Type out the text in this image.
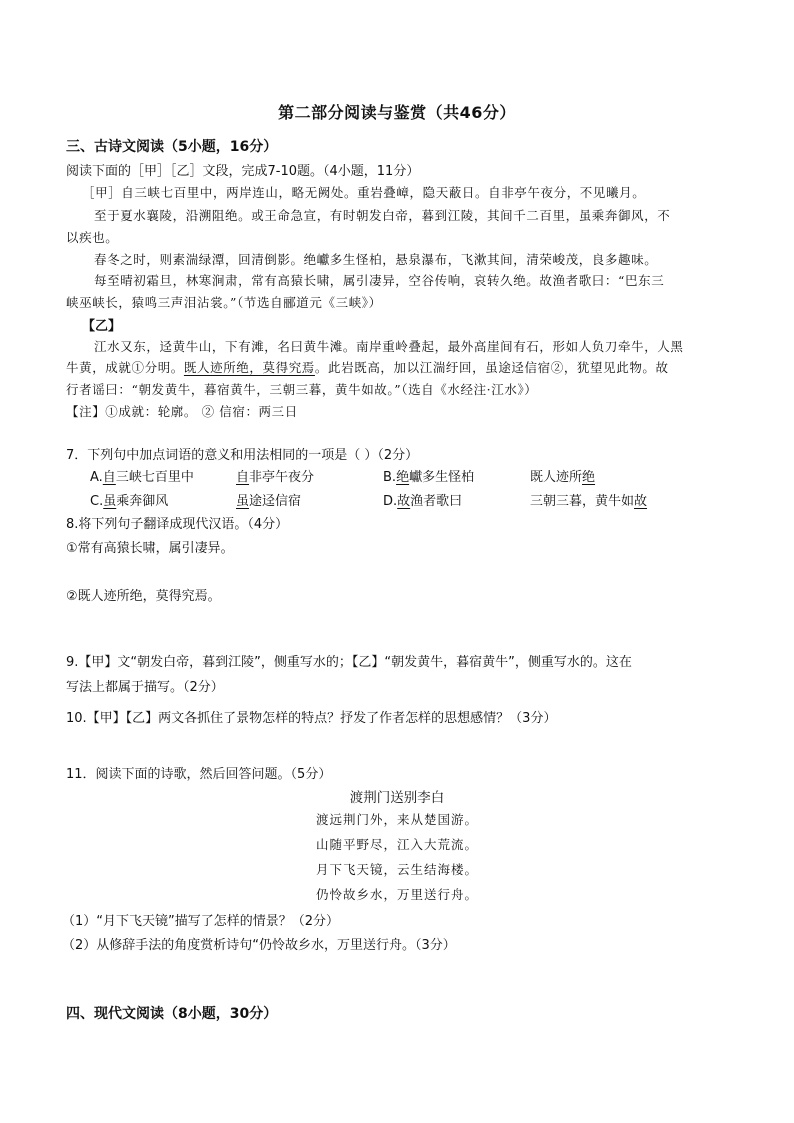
第二部分阅读与鉴赏（共46分）
三、古诗文阅读（5小题，16分）
阅读下面的［甲］［乙］文段，完成7-10题。（4小题，11分）
［甲］自三峡七百里中，两岸连山，略无阙处。重岩叠嶂，隐天蔽日。自非亭午夜分，不见曦月。
至于夏水襄陵，沿溯阻绝。或王命急宣，有时朝发白帝，暮到江陵，其间千二百里，虽乘奔御风，不
以疾也。
春冬之时，则素湍绿潭，回清倒影。绝巘多生怪柏，悬泉瀑布，飞漱其间，清荣峻茂，良多趣味。
每至晴初霜旦，林寒涧肃，常有高猿长啸，属引凄异，空谷传响，哀转久绝。故渔者歌曰：“巴东三
峡巫峡长，猿鸣三声泪沾裳。”（节选自郦道元《三峡》）
【乙】
江水又东，迳黄牛山，下有滩，名曰黄牛滩。南岸重岭叠起，最外高崖间有石，形如人负刀牵牛，人黑
牛黄，成就①分明。既人迹所绝，莫得究焉。此岩既高，加以江湍纡回，虽途迳信宿②，犹望见此物。故
行者谣曰：“朝发黄牛，暮宿黄牛，三朝三暮，黄牛如故。”（选自《水经注·江水》）
【注】①成就：轮廓。 ② 信宿：两三日
7．下列句中加点词语的意义和用法相同的一项是（ ）（2分）
A.自三峡七百里中	自非亭午夜分	B.绝巘多生怪柏	既人迹所绝
C.虽乘奔御风	虽途迳信宿	D.故渔者歌曰	三朝三暮，黄牛如故
8.将下列句子翻译成现代汉语。（4分）
①常有高猿长啸，属引凄异。
②既人迹所绝，莫得究焉。
9.【甲】文“朝发白帝，暮到江陵”，侧重写水的；【乙】“朝发黄牛，暮宿黄牛”，侧重写水的。这在
写法上都属于描写。（2分）
10.【甲】【乙】两文各抓住了景物怎样的特点？抒发了作者怎样的思想感情？（3分）
11．阅读下面的诗歌，然后回答问题。（5分）
渡荆门送别李白
渡远荆门外，来从楚国游。
山随平野尽，江入大荒流。
月下飞天镜，云生结海楼。
仍怜故乡水，万里送行舟。
（1）“月下飞天镜”描写了怎样的情景？（2分）
（2）从修辞手法的角度赏析诗句“仍怜故乡水，万里送行舟。（3分）
四、现代文阅读（8小题，30分）
